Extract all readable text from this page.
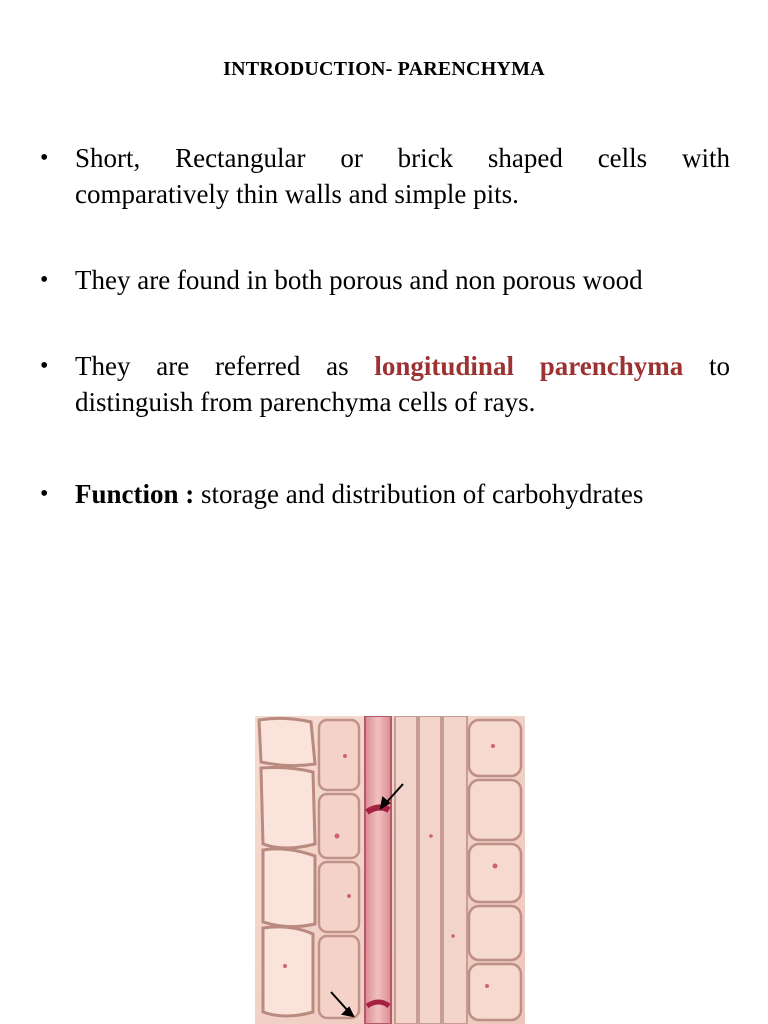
INTRODUCTION- PARENCHYMA
• Short, Rectangular or brick shaped cells with
comparatively thin walls and simple pits.
• They are found in both porous and non porous wood
• They are referred as longitudinal parenchyma to
distinguish from parenchyma cells of rays.
• Function : storage and distribution of carbohydrates
